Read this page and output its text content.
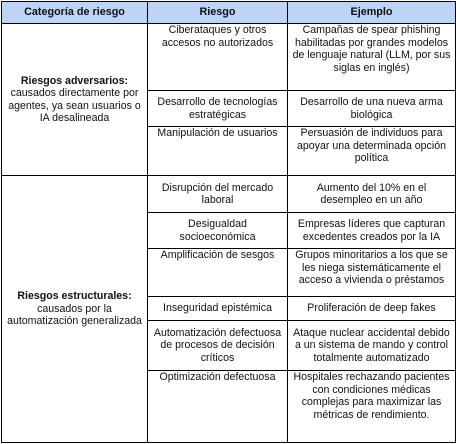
Categoría de riesgo	Riesgo	Ejemplo

Riesgos adversarios:
causados directamente por agentes, ya sean usuarios o IA desalineada	Ciberataques y otros accesos no autorizados	Campañas de spear phishing habilitadas por grandes modelos de lenguaje natural (LLM, por sus siglas en inglés)
	Desarrollo de tecnologías estratégicas	Desarrollo de una nueva arma biológica
	Manipulación de usuarios	Persuasión de individuos para apoyar una determinada opción política

Riesgos estructurales:
causados por la automatización generalizada	Disrupción del mercado laboral	Aumento del 10% en el desempleo en un año
	Desigualdad socioeconómica	Empresas líderes que capturan excedentes creados por la IA
	Amplificación de sesgos	Grupos minoritarios a los que se les niega sistemáticamente el acceso a vivienda o préstamos
	Inseguridad epistémica	Proliferación de deep fakes
	Automatización defectuosa de procesos de decisión críticos	Ataque nuclear accidental debido a un sistema de mando y control totalmente automatizado
	Optimización defectuosa	Hospitales rechazando pacientes con condiciones médicas complejas para maximizar las métricas de rendimiento.
